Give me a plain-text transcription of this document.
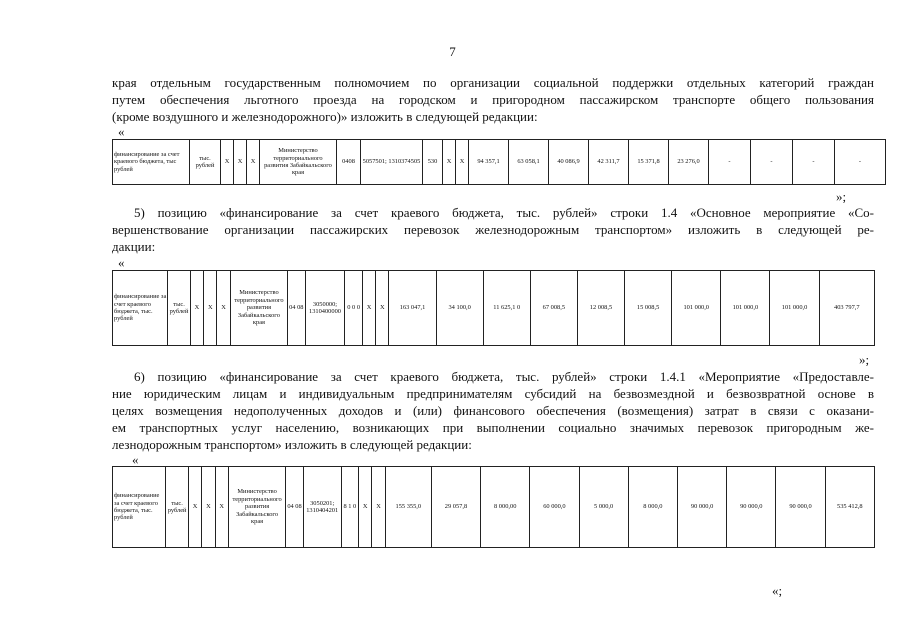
7
края отдельным государственным полномочием по организации социальной поддержки отдельных категорий граждан
путем обеспечения льготного проезда на городском и пригородном пассажирском транспорте общего пользования
(кроме воздушного и железнодорожного)» изложить в следующей редакции:
«
финансирование за счет краевого бюджета, тыс рублей	тыс. рублей	X	X	X	Министерство территориального развития Забайкальского края	0408	5057501; 1310374505	530	X	X	94 357,1	63 058,1	40 086,9	42 311,7	15 371,8	23 276,0	-	-	-	-
»;
5) позицию «финансирование за счет краевого бюджета, тыс. рублей» строки 1.4 «Основное мероприятие «Со-
вершенствование организации пассажирских перевозок железнодорожным транспортом» изложить в следующей ре-
дакции:
«
финансирование за счет краевого бюджета, тыс. рублей	тыс. рублей	X	X	X	Министерство территориального развития Забайкальского края	04 08	3050000; 1310400000	0 0 0	X	X	163 047,1	34 100,0	11 625,1 0	67 008,5	12 008,5	15 008,5	101 000,0	101 000,0	101 000,0	403 797,7
»;
6) позицию «финансирование за счет краевого бюджета, тыс. рублей» строки 1.4.1 «Мероприятие «Предоставле-
ние юридическим лицам и индивидуальным предпринимателям субсидий на безвозмездной и безвозвратной основе в
целях возмещения недополученных доходов и (или) финансового обеспечения (возмещения) затрат в связи с оказани-
ем транспортных услуг населению, возникающих при выполнении социально значимых перевозок пригородным же-
лезнодорожным транспортом» изложить в следующей редакции:
«
финансирование за счет краевого бюджета, тыс. рублей	тыс. рублей	X	X	X	Министерство территориального развития Забайкальского края	04 08	3050201; 1310404201	8 1 0	X	X	155 355,0	29 057,8	8 000,00	60 000,0	5 000,0	8 000,0	90 000,0	90 000,0	90 000,0	535 412,8
«;
